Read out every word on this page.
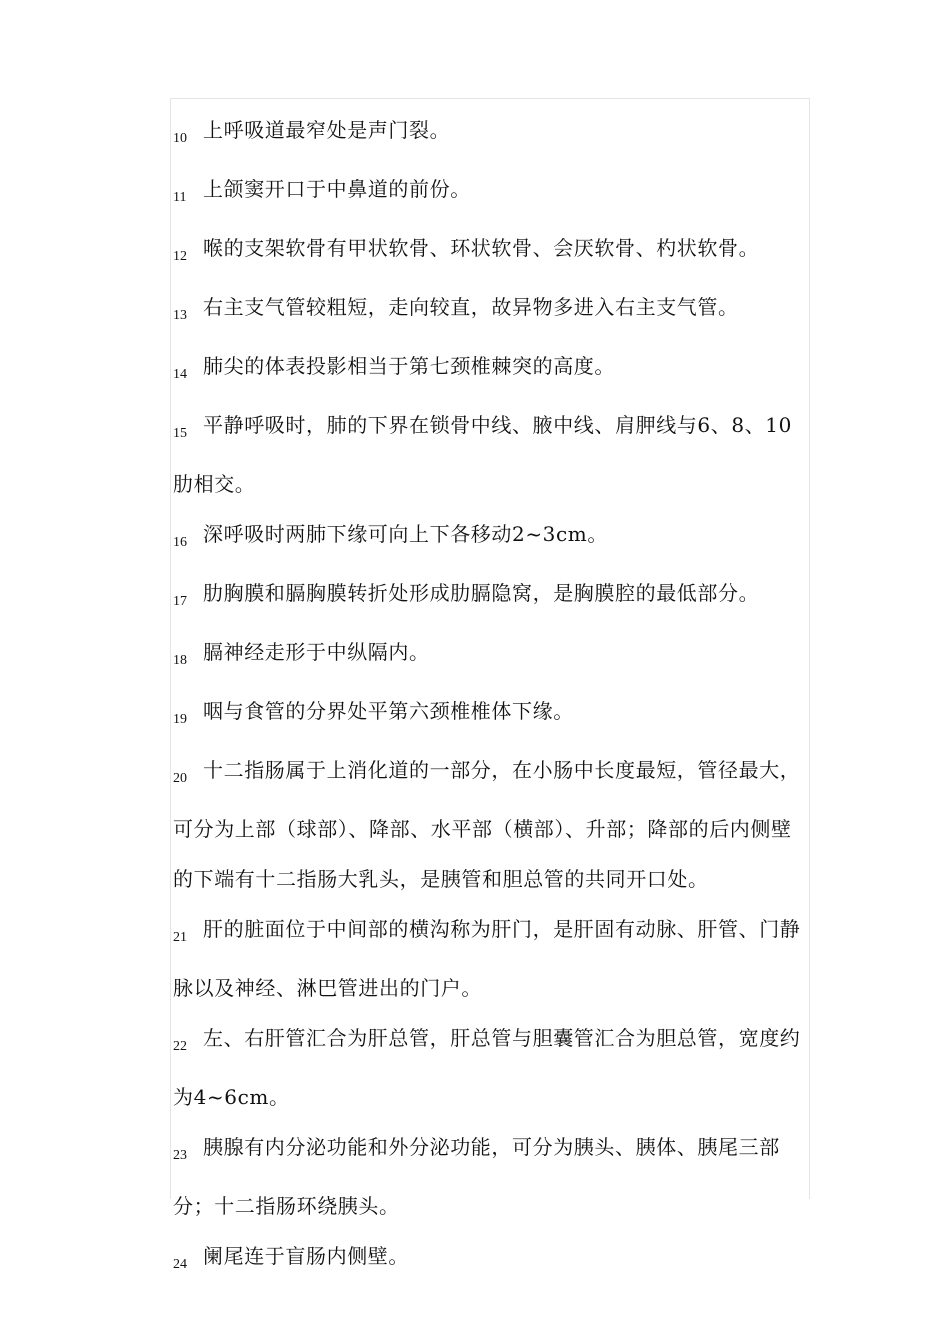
10 上呼吸道最窄处是声门裂。

11 上颌窦开口于中鼻道的前份。

12 喉的支架软骨有甲状软骨、环状软骨、会厌软骨、杓状软骨。

13 右主支气管较粗短，走向较直，故异物多进入右主支气管。

14 肺尖的体表投影相当于第七颈椎棘突的高度。

15 平静呼吸时，肺的下界在锁骨中线、腋中线、肩胛线与6、8、10肋相交。

16 深呼吸时两肺下缘可向上下各移动2~3cm。

17 肋胸膜和膈胸膜转折处形成肋膈隐窝，是胸膜腔的最低部分。

18 膈神经走形于中纵隔内。

19 咽与食管的分界处平第六颈椎椎体下缘。

20 十二指肠属于上消化道的一部分，在小肠中长度最短，管径最大，可分为上部（球部）、降部、水平部（横部）、升部；降部的后内侧壁的下端有十二指肠大乳头，是胰管和胆总管的共同开口处。

21 肝的脏面位于中间部的横沟称为肝门，是肝固有动脉、肝管、门静脉以及神经、淋巴管进出的门户。

22 左、右肝管汇合为肝总管，肝总管与胆囊管汇合为胆总管，宽度约为4~6cm。

23 胰腺有内分泌功能和外分泌功能，可分为胰头、胰体、胰尾三部分；十二指肠环绕胰头。

24 阑尾连于盲肠内侧壁。
